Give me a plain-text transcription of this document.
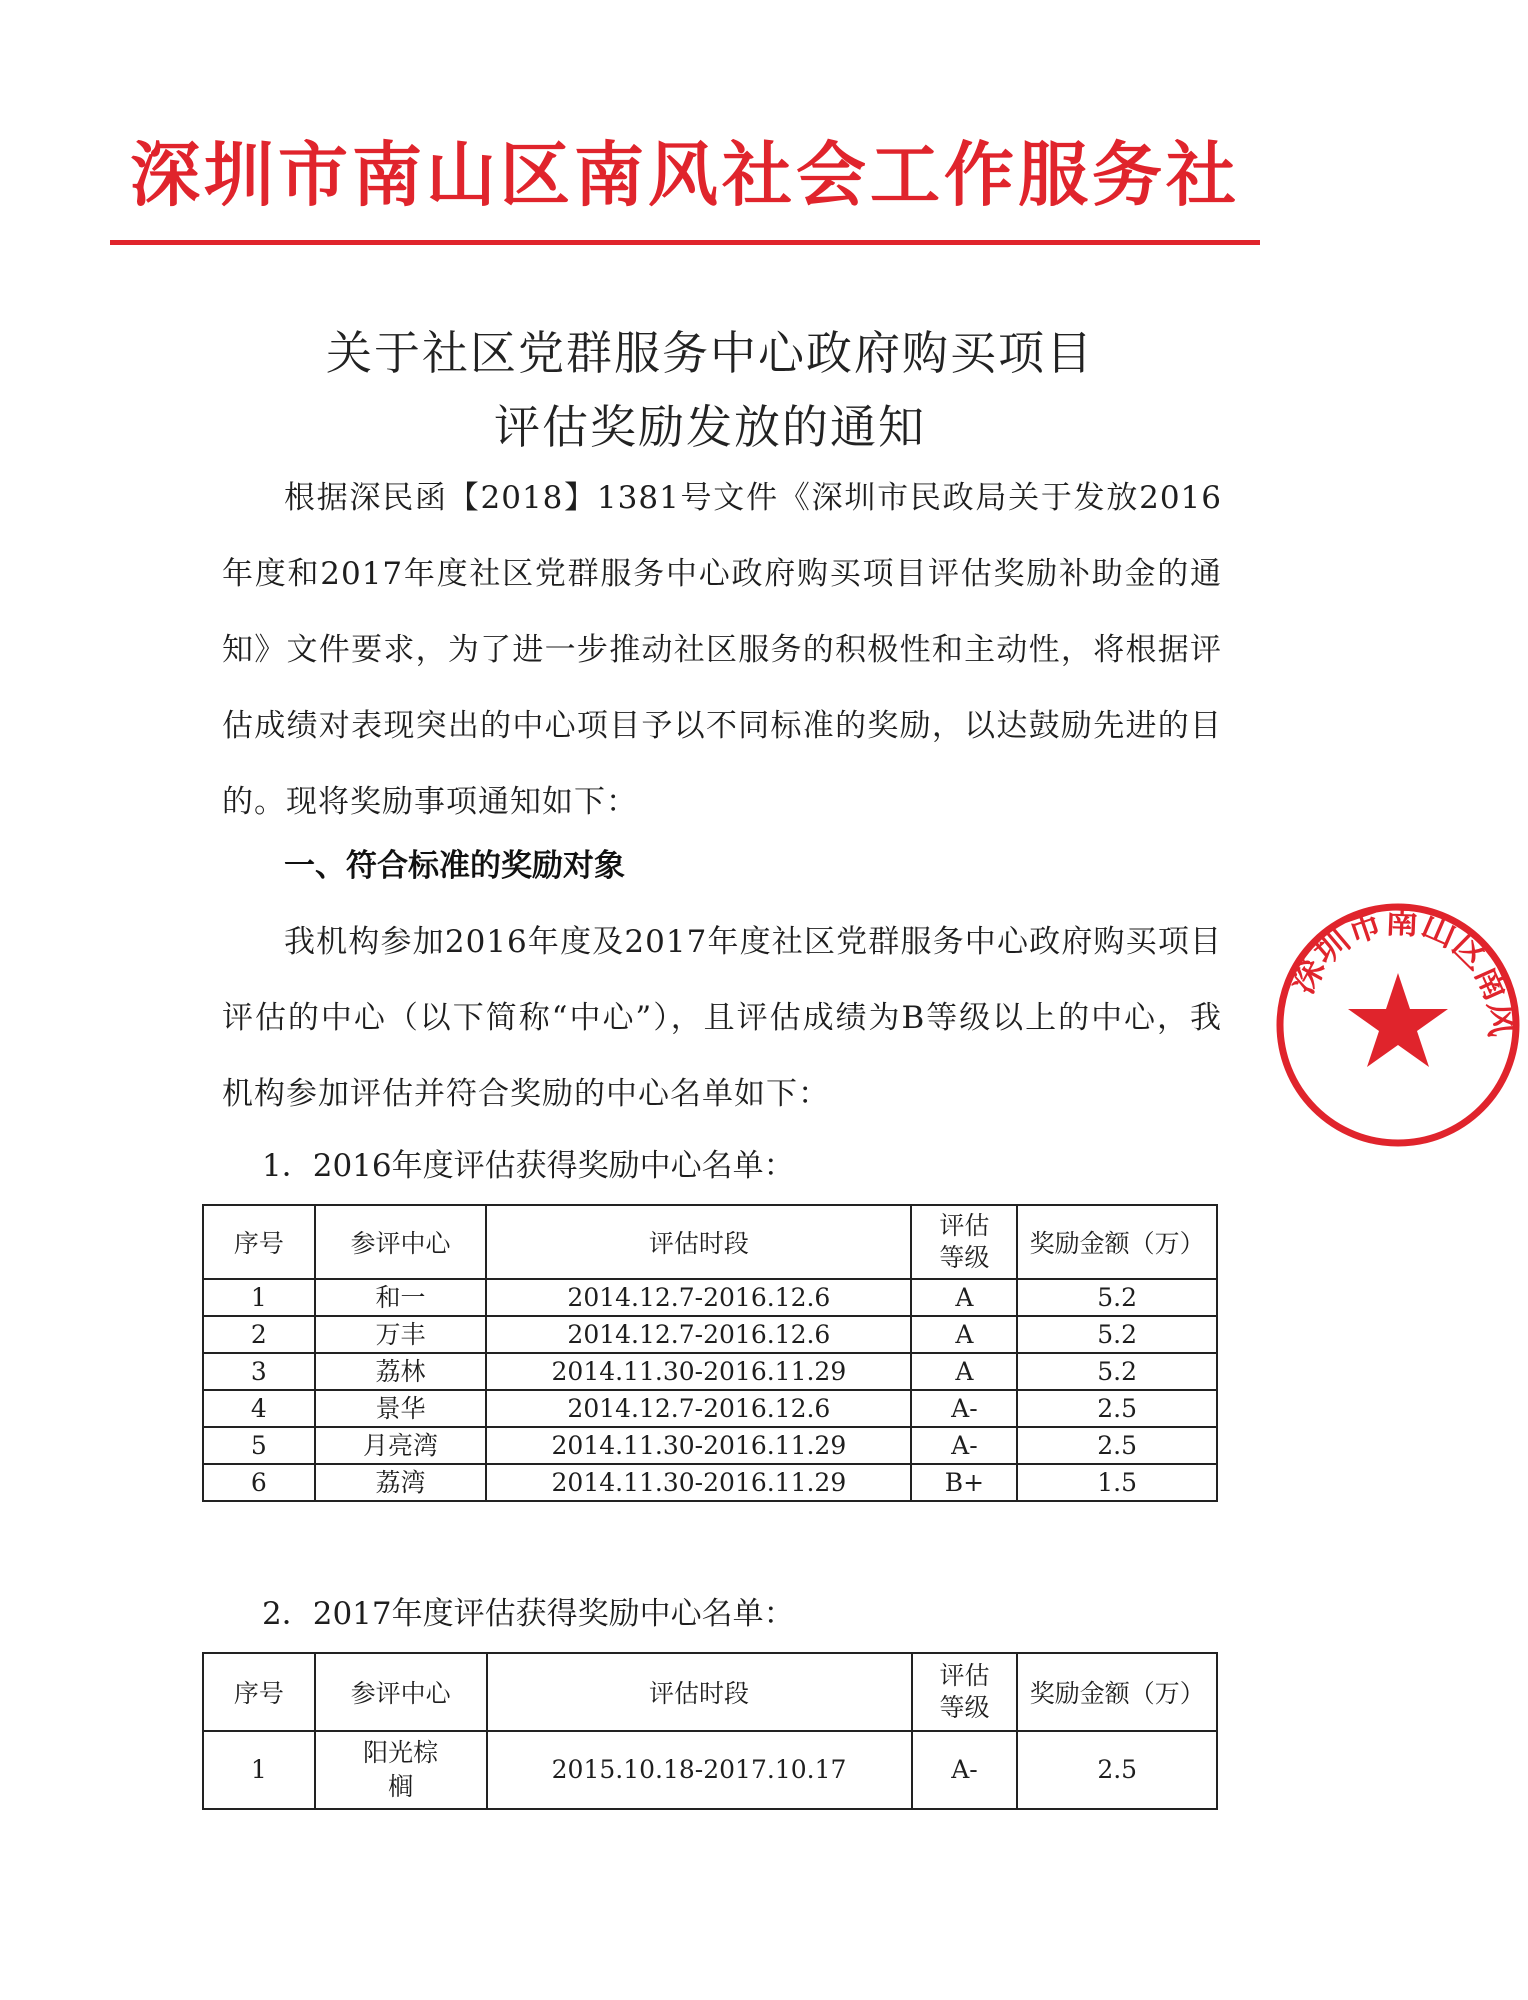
深圳市南山区南风社会工作服务社
关于社区党群服务中心政府购买项目
评估奖励发放的通知
根据深民函【2018】1381号文件《深圳市民政局关于发放2016年度和2017年度社区党群服务中心政府购买项目评估奖励补助金的通知》文件要求，为了进一步推动社区服务的积极性和主动性，将根据评估成绩对表现突出的中心项目予以不同标准的奖励，以达鼓励先进的目的。现将奖励事项通知如下：
一、符合标准的奖励对象
我机构参加2016年度及2017年度社区党群服务中心政府购买项目评估的中心（以下简称“中心”），且评估成绩为B等级以上的中心，我机构参加评估并符合奖励的中心名单如下：
1．2016年度评估获得奖励中心名单：
序号	参评中心	评估时段	评估等级	奖励金额（万）
1	和一	2014.12.7-2016.12.6	A	5.2
2	万丰	2014.12.7-2016.12.6	A	5.2
3	荔林	2014.11.30-2016.11.29	A	5.2
4	景华	2014.12.7-2016.12.6	A-	2.5
5	月亮湾	2014.11.30-2016.11.29	A-	2.5
6	荔湾	2014.11.30-2016.11.29	B+	1.5
2．2017年度评估获得奖励中心名单：
序号	参评中心	评估时段	评估等级	奖励金额（万）
1	阳光棕榈	2015.10.18-2017.10.17	A-	2.5
深圳市南山区南风
